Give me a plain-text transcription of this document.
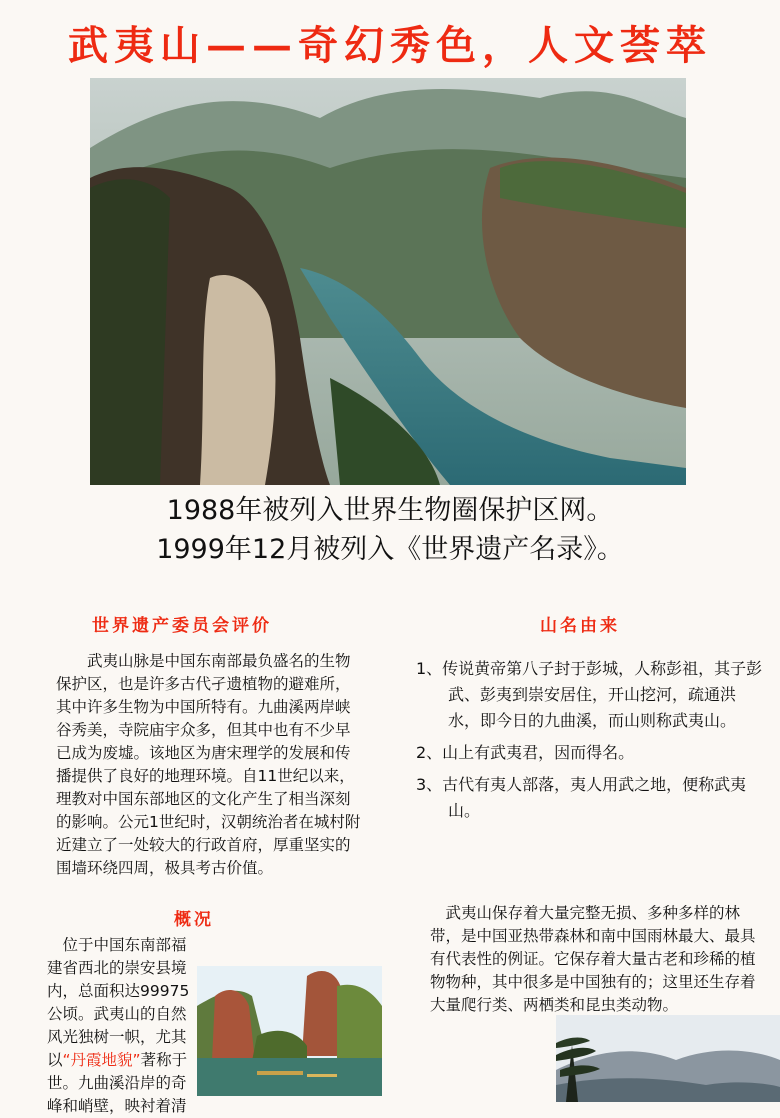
武夷山——奇幻秀色，人文荟萃
1988年被列入世界生物圈保护区网。
1999年12月被列入《世界遗产名录》。
世界遗产委员会评价
武夷山脉是中国东南部最负盛名的生物保护区，也是许多古代孑遗植物的避难所，其中许多生物为中国所特有。九曲溪两岸峡谷秀美，寺院庙宇众多，但其中也有不少早已成为废墟。该地区为唐宋理学的发展和传播提供了良好的地理环境。自11世纪以来，理教对中国东部地区的文化产生了相当深刻的影响。公元1世纪时，汉朝统治者在城村附近建立了一处较大的行政首府，厚重坚实的围墙环绕四周，极具考古价值。
山名由来
1、传说黄帝第八子封于彭城，人称彭祖，其子彭武、彭夷到崇安居住，开山挖河，疏通洪水，即今日的九曲溪，而山则称武夷山。
2、山上有武夷君，因而得名。
3、古代有夷人部落，夷人用武之地，便称武夷山。
概况
位于中国东南部福建省西北的崇安县境内，总面积达99975公顷。武夷山的自然风光独树一帜，尤其以“丹霞地貌”著称于世。九曲溪沿岸的奇峰和峭壁，映衬着清
武夷山保存着大量完整无损、多种多样的林带，是中国亚热带森林和南中国雨林最大、最具有代表性的例证。它保存着大量古老和珍稀的植物物种，其中很多是中国独有的；这里还生存着大量爬行类、两栖类和昆虫类动物。
